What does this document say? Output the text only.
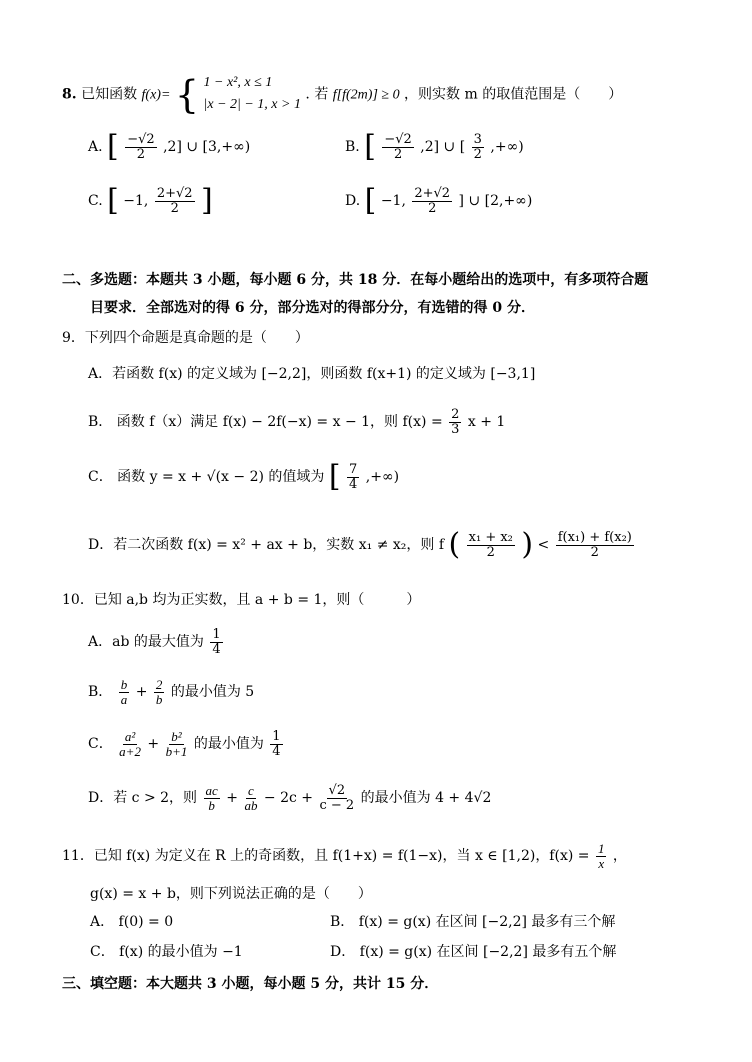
8. 已知函数 f(x)= { 1 − x², x ≤ 1
|x − 2| − 1, x > 1
. 若 f[f(2m)] ≥ 0 ，则实数 m 的取值范围是（　　）
A. [ $\frac{-√2}{2} ,2$] ∪ [3,+∞)	B. [ $\frac{-√2}{2} ,2$] ∪ [ $\frac{3}{2}$ ,+∞)
C. [ −1, $\frac{2+√2}{2}$ ]	D. [ −1, $\frac{2+√2}{2}$ ] ∪ [2,+∞)
二、多选题：本题共 3 小题，每小题 6 分，共 18 分．在每小题给出的选项中，有多项符合题
目要求．全部选对的得 6 分，部分选对的得部分分，有选错的得 0 分．
9．下列四个命题是真命题的是（　　）
A．若函数 f(x) 的定义域为 [−2,2]，则函数 f(x+1) 的定义域为 [−3,1]
B． 函数 f（x）满足 f(x) − 2f(−x) = x − 1，则 $f(x) = \frac{2}{3}$ x + 1
C． 函数 y = x + √(x − 2) 的值域为 [ $\frac{7}{4}$ ,+∞)
D．若二次函数 f(x) = x² + ax + b，实数 x₁ ≠ x₂，则 f ( $\frac{\text{x₁ + x₂}}{2}$ ) < $\frac{\text{f(x₁) + f(x₂)}}{2}$
10．已知 a,b 均为正实数，且 a + b = 1，则（　　　）
A．ab 的最大值为 $\frac{1}{4}$
B． $\frac{b}{a} + \frac{2}{b}$ 的最小值为 5
C． $\frac{\text{a²}}{a+2} + \frac{\text{b²}}{b+1}$ 的最小值为 $\frac{1}{4}$
D．若 c > 2，则 $\frac{ac}{b} + \frac{c}{ab} - 2c + \frac{√2}{c - 2}$ 的最小值为 4 + 4√2
11．已知 f(x) 为定义在 R 上的奇函数，且 f(1+x) = f(1−x)，当 x ∈ [1,2)，$f(x) = \frac{1}{x}$ ，
g(x) = x + b，则下列说法正确的是（　　）
A． f(0) = 0	B． f(x) = g(x) 在区间 [−2,2] 最多有三个解
C． f(x) 的最小值为 −1	D． f(x) = g(x) 在区间 [−2,2] 最多有五个解
三、填空题：本大题共 3 小题，每小题 5 分，共计 15 分．
